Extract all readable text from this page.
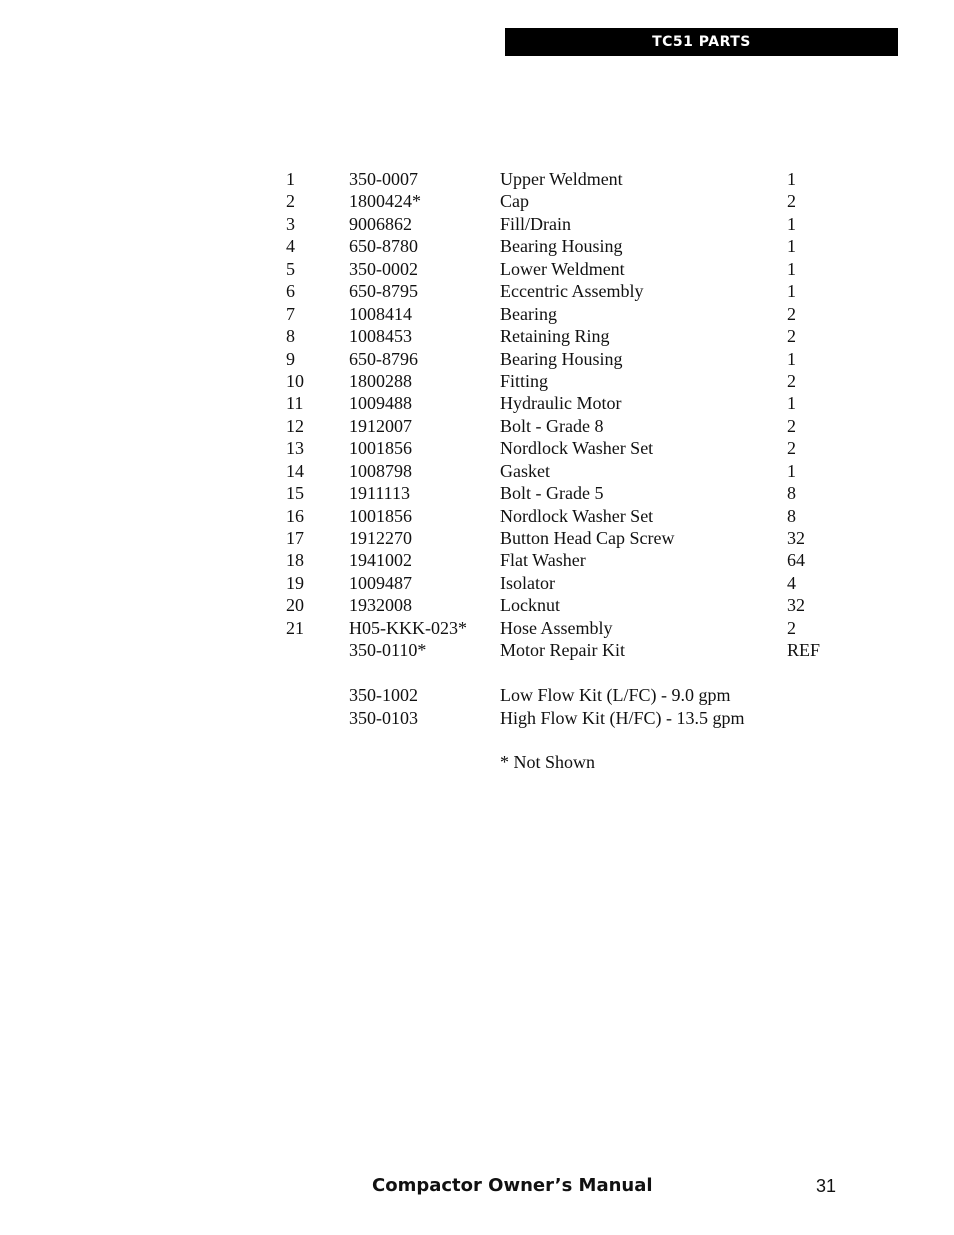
TC51 PARTS
1	350-0007	Upper Weldment	1
2	1800424*	Cap	2
3	9006862	Fill/Drain	1
4	650-8780	Bearing Housing	1
5	350-0002	Lower Weldment	1
6	650-8795	Eccentric Assembly	1
7	1008414	Bearing	2
8	1008453	Retaining Ring	2
9	650-8796	Bearing Housing	1
10	1800288	Fitting	2
11	1009488	Hydraulic Motor	1
12	1912007	Bolt - Grade 8	2
13	1001856	Nordlock Washer Set	2
14	1008798	Gasket	1
15	1911113	Bolt - Grade 5	8
16	1001856	Nordlock Washer Set	8
17	1912270	Button Head Cap Screw	32
18	1941002	Flat Washer	64
19	1009487	Isolator	4
20	1932008	Locknut	32
21	H05-KKK-023* Hose Assembly	2
350-0110*	Motor Repair Kit	REF
350-1002	Low Flow Kit (L/FC) - 9.0 gpm
350-0103	High Flow Kit (H/FC) - 13.5 gpm
* Not Shown
Compactor Owner’s Manual	31
